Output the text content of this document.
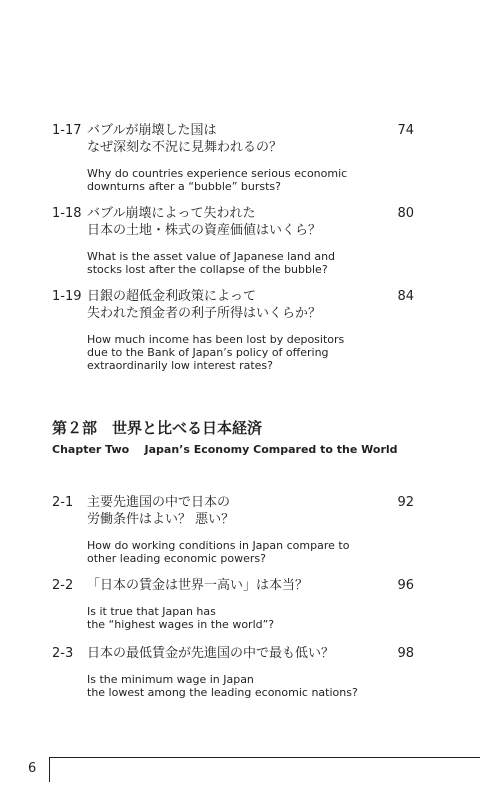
1-17 バブルが崩壊した国は
なぜ深刻な不況に見舞われるの？
Why do countries experience serious economic
downturns after a “bubble” bursts?
74
1-18 バブル崩壊によって失われた
日本の土地・株式の資産価値はいくら？
What is the asset value of Japanese land and
stocks lost after the collapse of the bubble?
80
1-19 日銀の超低金利政策によって
失われた預金者の利子所得はいくらか？
How much income has been lost by depositors
due to the Bank of Japan’s policy of offering
extraordinarily low interest rates?
84
第２部　世界と比べる日本経済
Chapter Two    Japan’s Economy Compared to the World
2-1 主要先進国の中で日本の
労働条件はよい？ 悪い？
How do working conditions in Japan compare to
other leading economic powers?
92
2-2 「日本の賃金は世界一高い」は本当？
Is it true that Japan has
the “highest wages in the world”?
96
2-3 日本の最低賃金が先進国の中で最も低い？
Is the minimum wage in Japan
the lowest among the leading economic nations?
98
6
